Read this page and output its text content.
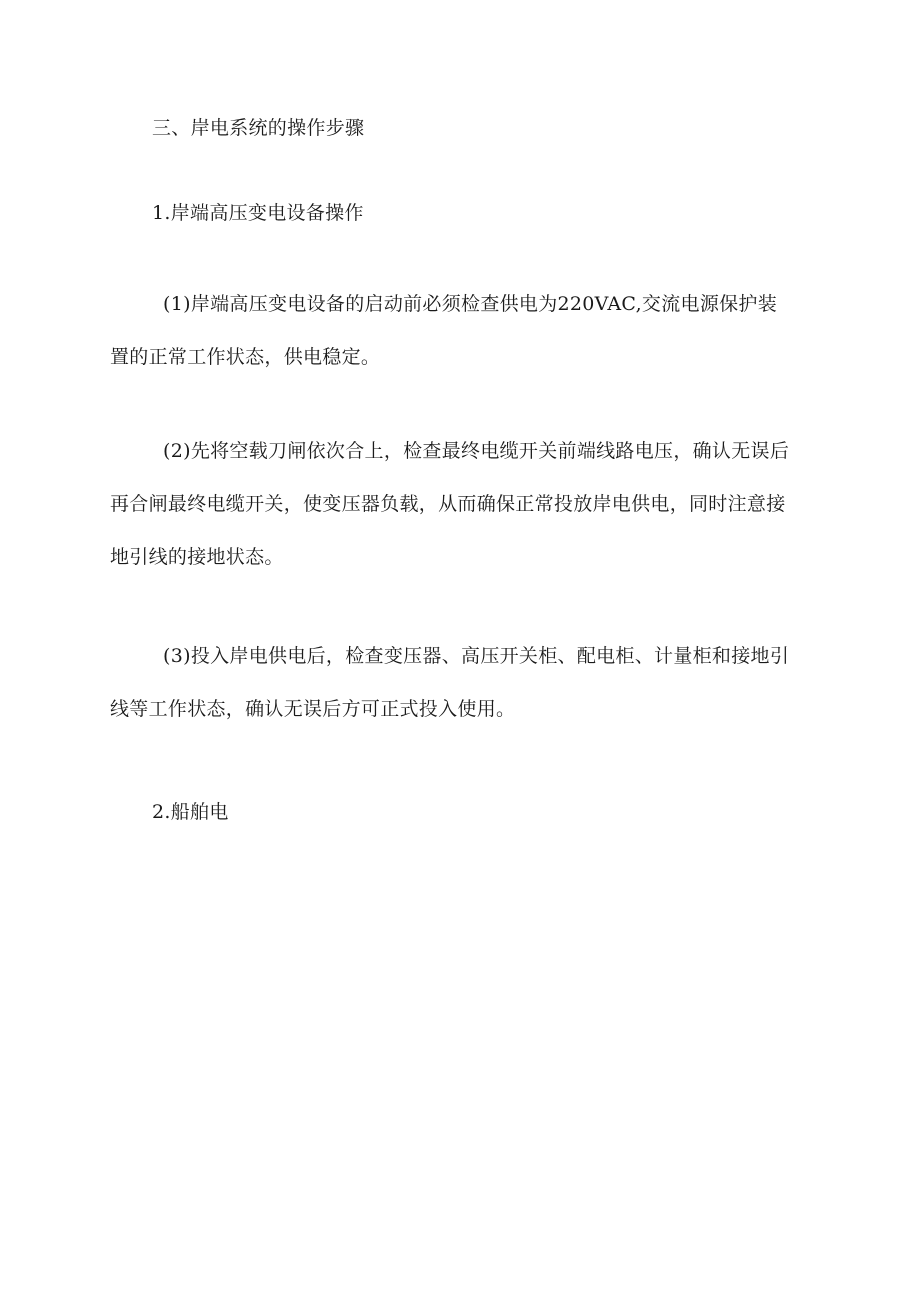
三、岸电系统的操作步骤
1.岸端高压变电设备操作
(1)岸端高压变电设备的启动前必须检查供电为220VAC,交流电源保护装
置的正常工作状态，供电稳定。
(2)先将空载刀闸依次合上，检查最终电缆开关前端线路电压，确认无误后
再合闸最终电缆开关，使变压器负载，从而确保正常投放岸电供电，同时注意接
地引线的接地状态。
(3)投入岸电供电后，检查变压器、高压开关柜、配电柜、计量柜和接地引
线等工作状态，确认无误后方可正式投入使用。
2.船舶电
